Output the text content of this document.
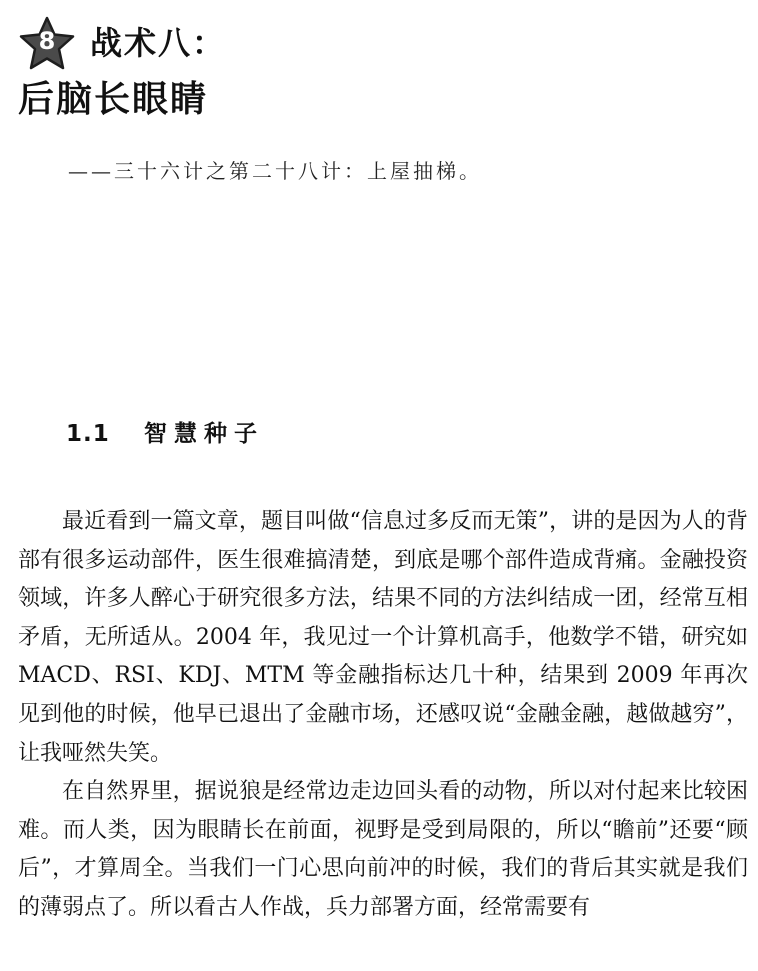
8	战术八：
后脑长眼睛
——三十六计之第二十八计：上屋抽梯。
1.1	智慧种子

最近看到一篇文章，题目叫做“信息过多反而无策”，讲的是因为人的背部有很多运动部件，医生很难搞清楚，到底是哪个部件造成背痛。金融投资领域，许多人醉心于研究很多方法，结果不同的方法纠结成一团，经常互相矛盾，无所适从。2004 年，我见过一个计算机高手，他数学不错，研究如 MACD、RSI、KDJ、MTM 等金融指标达几十种，结果到 2009 年再次见到他的时候，他早已退出了金融市场，还感叹说“金融金融，越做越穷”，让我哑然失笑。

在自然界里，据说狼是经常边走边回头看的动物，所以对付起来比较困难。而人类，因为眼睛长在前面，视野是受到局限的，所以“瞻前”还要“顾后”，才算周全。当我们一门心思向前冲的时候，我们的背后其实就是我们的薄弱点了。所以看古人作战，兵力部署方面，经常需要有
